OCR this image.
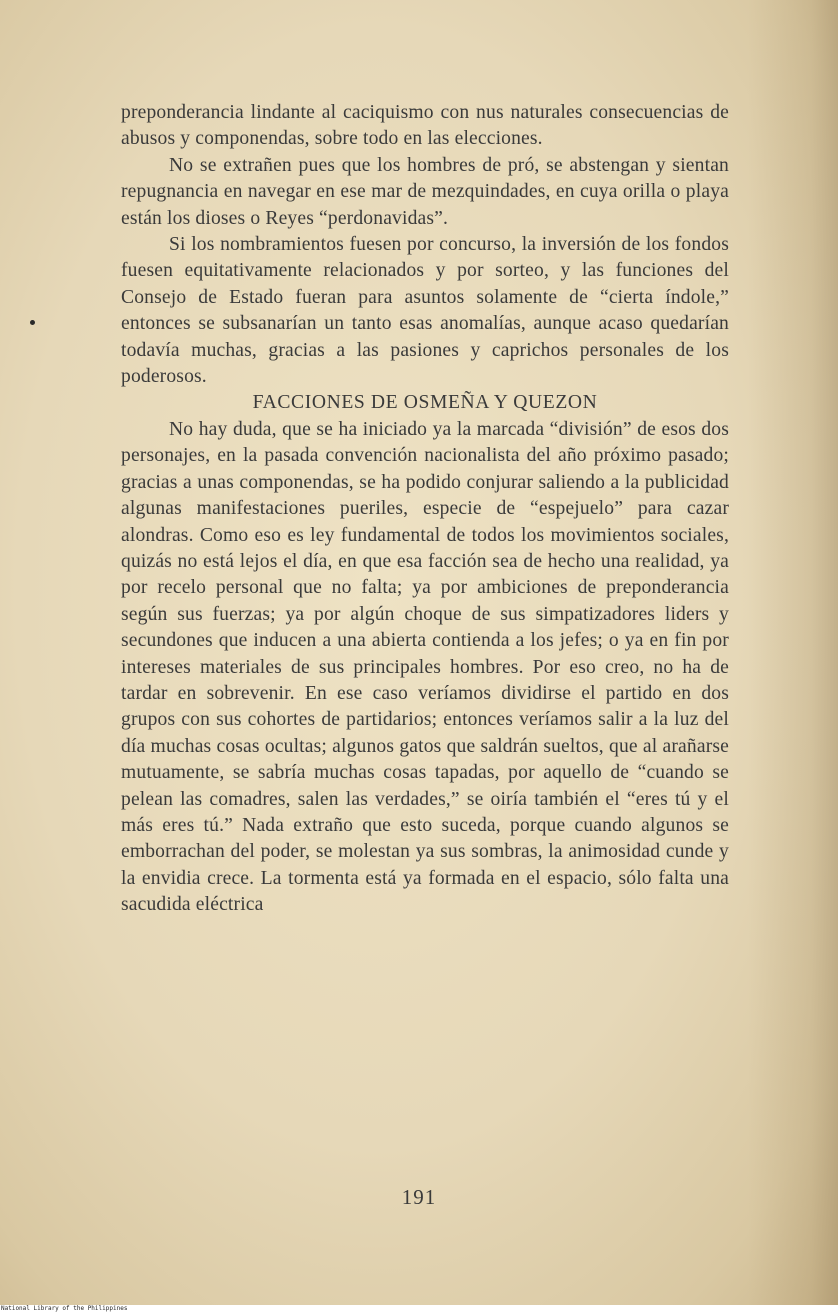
preponderancia lindante al caciquismo con nus naturales consecuencias de abusos y componendas, sobre todo en las elecciones.

No se extrañen pues que los hombres de pró, se abstengan y sientan repugnancia en navegar en ese mar de mezquindades, en cuya orilla o playa están los dioses o Reyes “perdonavidas”.

Si los nombramientos fuesen por concurso, la inversión de los fondos fuesen equitativamente relacionados y por sorteo, y las funciones del Consejo de Estado fueran para asuntos solamente de “cierta índole,” entonces se subsanarían un tanto esas anomalías, aunque acaso quedarían todavía muchas, gracias a las pasiones y caprichos personales de los poderosos.

FACCIONES DE OSMEÑA Y QUEZON

No hay duda, que se ha iniciado ya la marcada “división” de esos dos personajes, en la pasada convención nacionalista del año próximo pasado; gracias a unas componendas, se ha podido conjurar saliendo a la publicidad algunas manifestaciones pueriles, especie de “espejuelo” para cazar alondras. Como eso es ley fundamental de todos los movimientos sociales, quizás no está lejos el día, en que esa facción sea de hecho una realidad, ya por recelo personal que no falta; ya por ambiciones de preponderancia según sus fuerzas; ya por algún choque de sus simpatizadores liders y secundones que inducen a una abierta contienda a los jefes; o ya en fin por intereses materiales de sus principales hombres. Por eso creo, no ha de tardar en sobrevenir. En ese caso veríamos dividirse el partido en dos grupos con sus cohortes de partidarios; entonces veríamos salir a la luz del día muchas cosas ocultas; algunos gatos que saldrán sueltos, que al arañarse mutuamente, se sabría muchas cosas tapadas, por aquello de “cuando se pelean las comadres, salen las verdades,” se oiría también el “eres tú y el más eres tú.” Nada extraño que esto suceda, porque cuando algunos se emborrachan del poder, se molestan ya sus sombras, la animosidad cunde y la envidia crece. La tormenta está ya formada en el espacio, sólo falta una sacudida eléctrica

191
National Library of the Philippines
